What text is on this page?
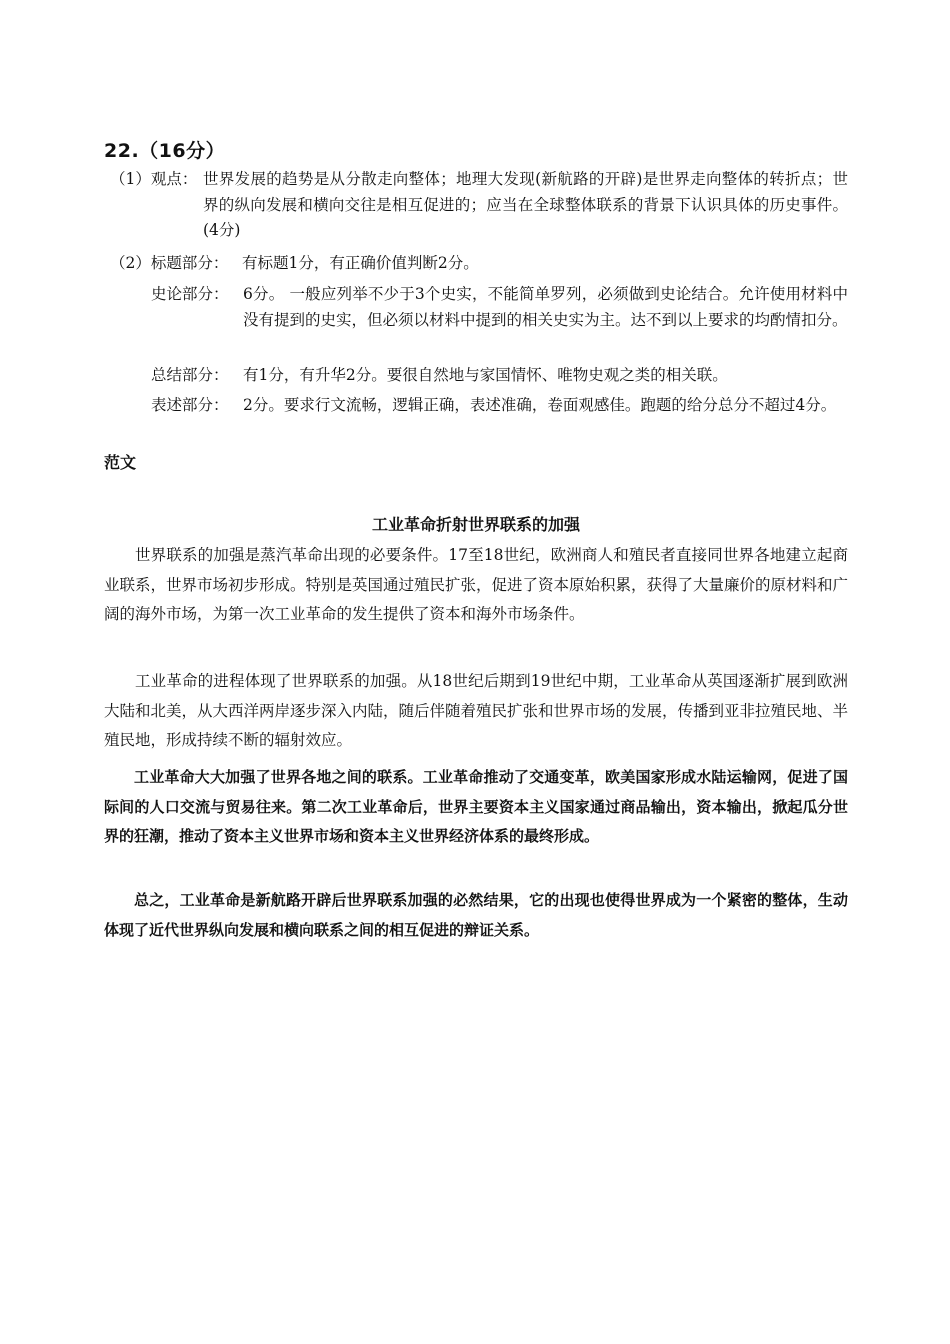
22.（16分）
（1）观点： 世界发展的趋势是从分散走向整体；地理大发现(新航路的开辟)是世界走向整体的转折点；世界的纵向发展和横向交往是相互促进的；应当在全球整体联系的背景下认识具体的历史事件。(4分)
（2）标题部分： 有标题1分，有正确价值判断2分。
史论部分： 6分。 一般应列举不少于3个史实，不能简单罗列，必须做到史论结合。允许使用材料中没有提到的史实，但必须以材料中提到的相关史实为主。达不到以上要求的均酌情扣分。
总结部分： 有1分，有升华2分。要很自然地与家国情怀、唯物史观之类的相关联。
表述部分： 2分。要求行文流畅，逻辑正确，表述准确，卷面观感佳。跑题的给分总分不超过4分。
范文
工业革命折射世界联系的加强

世界联系的加强是蒸汽革命出现的必要条件。17至18世纪，欧洲商人和殖民者直接同世界各地建立起商业联系，世界市场初步形成。特别是英国通过殖民扩张，促进了资本原始积累，获得了大量廉价的原材料和广阔的海外市场，为第一次工业革命的发生提供了资本和海外市场条件。

工业革命的进程体现了世界联系的加强。从18世纪后期到19世纪中期，工业革命从英国逐渐扩展到欧洲大陆和北美，从大西洋两岸逐步深入内陆，随后伴随着殖民扩张和世界市场的发展，传播到亚非拉殖民地、半殖民地，形成持续不断的辐射效应。

工业革命大大加强了世界各地之间的联系。工业革命推动了交通变革，欧美国家形成水陆运输网，促进了国际间的人口交流与贸易往来。第二次工业革命后，世界主要资本主义国家通过商品输出，资本输出，掀起瓜分世界的狂潮，推动了资本主义世界市场和资本主义世界经济体系的最终形成。

总之，工业革命是新航路开辟后世界联系加强的必然结果，它的出现也使得世界成为一个紧密的整体，生动体现了近代世界纵向发展和横向联系之间的相互促进的辩证关系。
